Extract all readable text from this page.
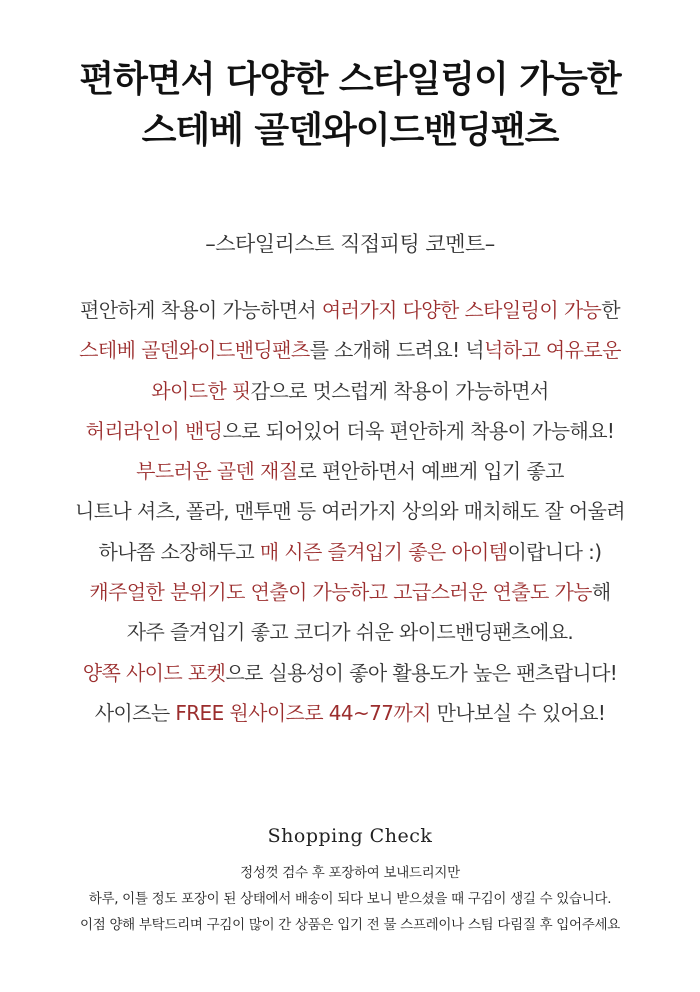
편하면서 다양한 스타일링이 가능한
스테베 골덴와이드밴딩팬츠
–스타일리스트 직접피팅 코멘트–
편안하게 착용이 가능하면서 여러가지 다양한 스타일링이 가능한
스테베 골덴와이드밴딩팬츠를 소개해 드려요! 넉넉하고 여유로운
와이드한 핏감으로 멋스럽게 착용이 가능하면서
허리라인이 밴딩으로 되어있어 더욱 편안하게 착용이 가능해요!
부드러운 골덴 재질로 편안하면서 예쁘게 입기 좋고
니트나 셔츠, 폴라, 맨투맨 등 여러가지 상의와 매치해도 잘 어울려
하나쯤 소장해두고 매 시즌 즐겨입기 좋은 아이템이랍니다 :)
캐주얼한 분위기도 연출이 가능하고 고급스러운 연출도 가능해
자주 즐겨입기 좋고 코디가 쉬운 와이드밴딩팬츠에요.
양쪽 사이드 포켓으로 실용성이 좋아 활용도가 높은 팬츠랍니다!
사이즈는 FREE 원사이즈로 44~77까지 만나보실 수 있어요!
Shopping Check
정성껏 검수 후 포장하여 보내드리지만
하루, 이틀 정도 포장이 된 상태에서 배송이 되다 보니 받으셨을 때 구김이 생길 수 있습니다.
이점 양해 부탁드리며 구김이 많이 간 상품은 입기 전 물 스프레이나 스팀 다림질 후 입어주세요
